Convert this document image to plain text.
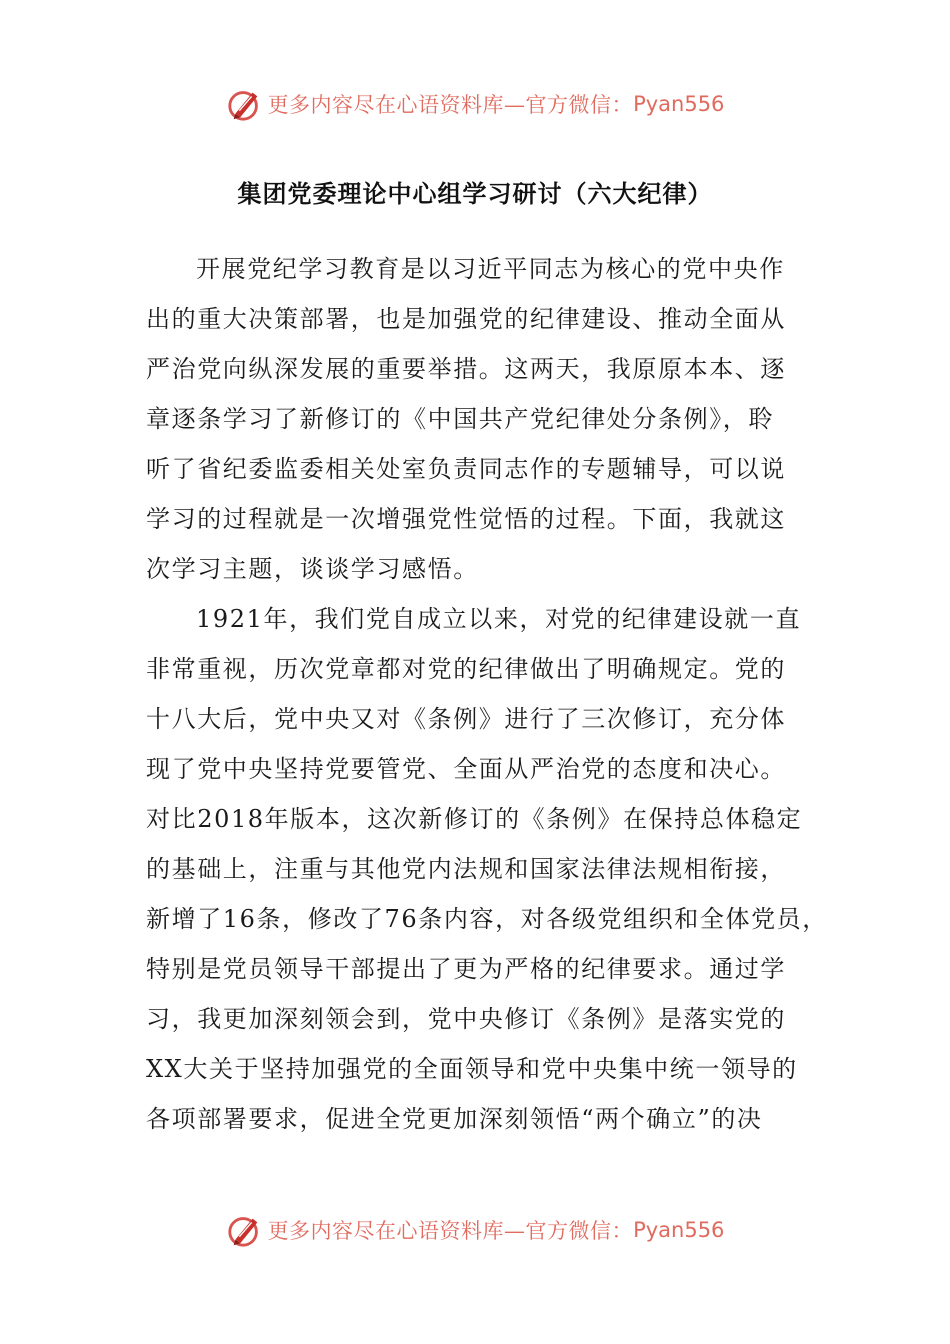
更多内容尽在心语资料库—官方微信： Pyan556
集团党委理论中心组学习研讨（六大纪律）
开展党纪学习教育是以习近平同志为核心的党中央作
出的重大决策部署，也是加强党的纪律建设、推动全面从
严治党向纵深发展的重要举措。这两天，我原原本本、逐
章逐条学习了新修订的《中国共产党纪律处分条例》，聆
听了省纪委监委相关处室负责同志作的专题辅导，可以说
学习的过程就是一次增强党性觉悟的过程。下面，我就这
次学习主题，谈谈学习感悟。
1921年，我们党自成立以来，对党的纪律建设就一直
非常重视，历次党章都对党的纪律做出了明确规定。党的
十八大后，党中央又对《条例》进行了三次修订，充分体
现了党中央坚持党要管党、全面从严治党的态度和决心。
对比2018年版本，这次新修订的《条例》在保持总体稳定
的基础上，注重与其他党内法规和国家法律法规相衔接，
新增了16条，修改了76条内容，对各级党组织和全体党员，
特别是党员领导干部提出了更为严格的纪律要求。通过学
习，我更加深刻领会到，党中央修订《条例》是落实党的
XX大关于坚持加强党的全面领导和党中央集中统一领导的
各项部署要求，促进全党更加深刻领悟“两个确立”的决
更多内容尽在心语资料库—官方微信： Pyan556
